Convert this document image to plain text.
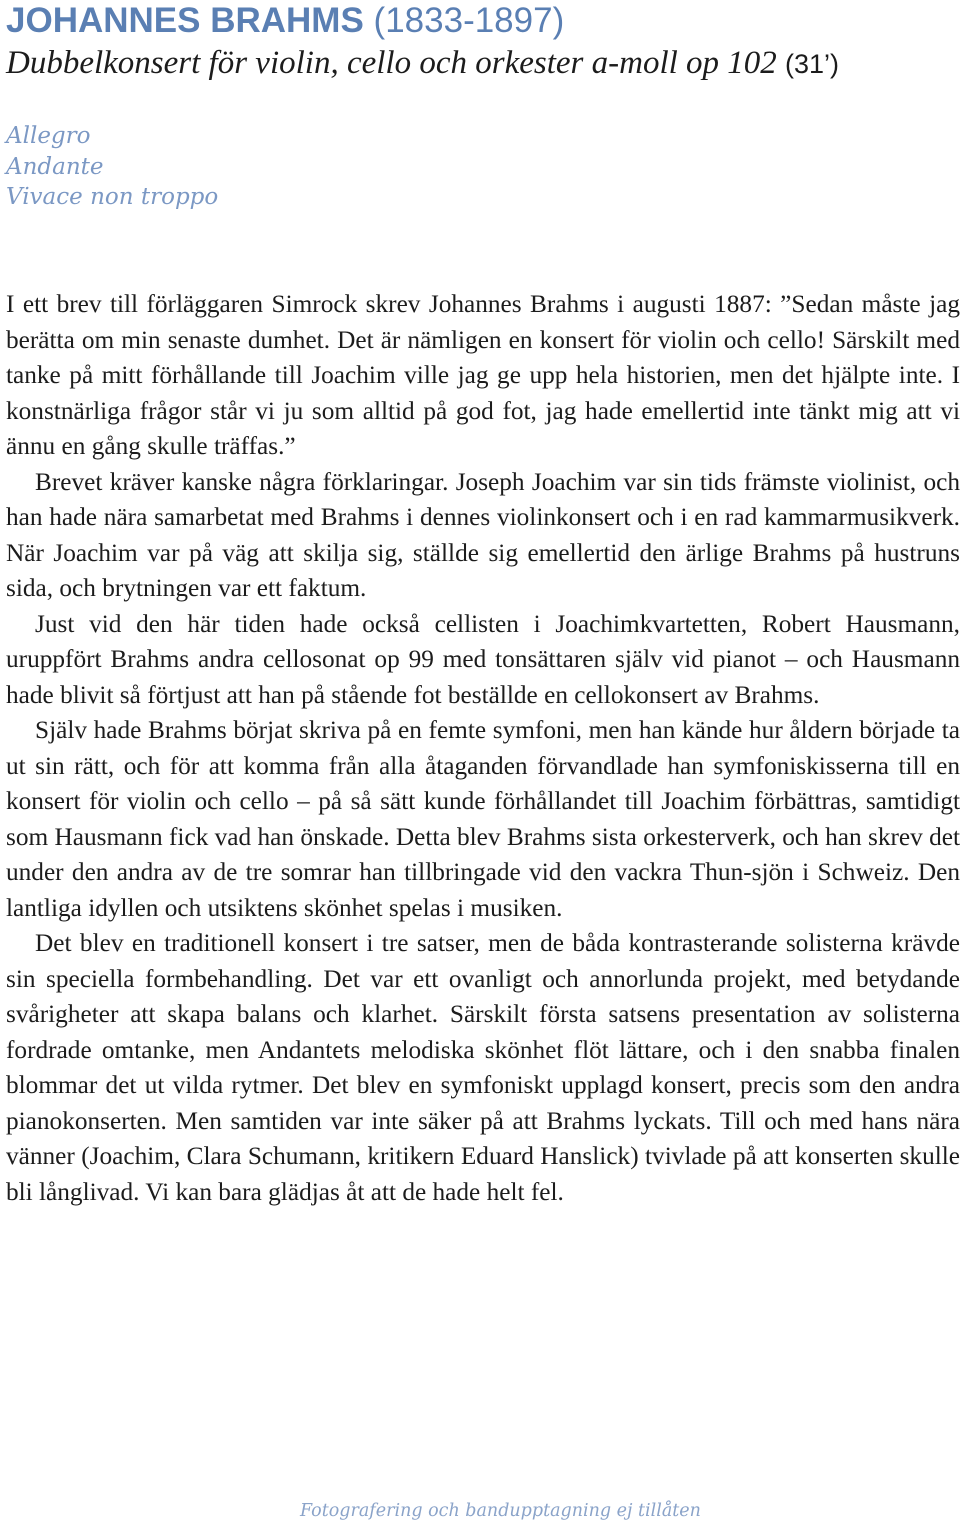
JOHANNES BRAHMS (1833-1897)
Dubbelkonsert för violin, cello och orkester a-moll op 102 (31’)
Allegro
Andante
Vivace non troppo

I ett brev till förläggaren Simrock skrev Johannes Brahms i augusti 1887: ”Sedan måste jag berätta om min senaste dumhet. Det är nämligen en konsert för violin och cello! Särskilt med tanke på mitt förhållande till Joachim ville jag ge upp hela historien, men det hjälpte inte. I konstnärliga frågor står vi ju som alltid på god fot, jag hade emellertid inte tänkt mig att vi ännu en gång skulle träffas.”

Brevet kräver kanske några förklaringar. Joseph Joachim var sin tids främste violinist, och han hade nära samarbetat med Brahms i dennes violinkonsert och i en rad kammarmusikverk. När Joachim var på väg att skilja sig, ställde sig emellertid den ärlige Brahms på hustruns sida, och brytningen var ett faktum.

Just vid den här tiden hade också cellisten i Joachimkvartetten, Robert Hausmann, uruppfört Brahms andra cellosonat op 99 med tonsättaren själv vid pianot – och Hausmann hade blivit så förtjust att han på stående fot beställde en cellokonsert av Brahms.

Själv hade Brahms börjat skriva på en femte symfoni, men han kände hur åldern började ta ut sin rätt, och för att komma från alla åtaganden förvandlade han symfoniskisserna till en konsert för violin och cello – på så sätt kunde förhållandet till Joachim förbättras, samtidigt som Hausmann fick vad han önskade. Detta blev Brahms sista orkesterverk, och han skrev det under den andra av de tre somrar han tillbringade vid den vackra Thun-sjön i Schweiz. Den lantliga idyllen och utsiktens skönhet spelas i musiken.

Det blev en traditionell konsert i tre satser, men de båda kontrasterande solisterna krävde sin speciella formbehandling. Det var ett ovanligt och annorlunda projekt, med betydande svårigheter att skapa balans och klarhet. Särskilt första satsens presentation av solisterna fordrade omtanke, men Andantets melodiska skönhet flöt lättare, och i den snabba finalen blommar det ut vilda rytmer. Det blev en symfoniskt upplagd konsert, precis som den andra pianokonserten. Men samtiden var inte säker på att Brahms lyckats. Till och med hans nära vänner (Joachim, Clara Schumann, kritikern Eduard Hanslick) tvivlade på att konserten skulle bli långlivad. Vi kan bara glädjas åt att de hade helt fel.

Fotografering och bandupptagning ej tillåten
